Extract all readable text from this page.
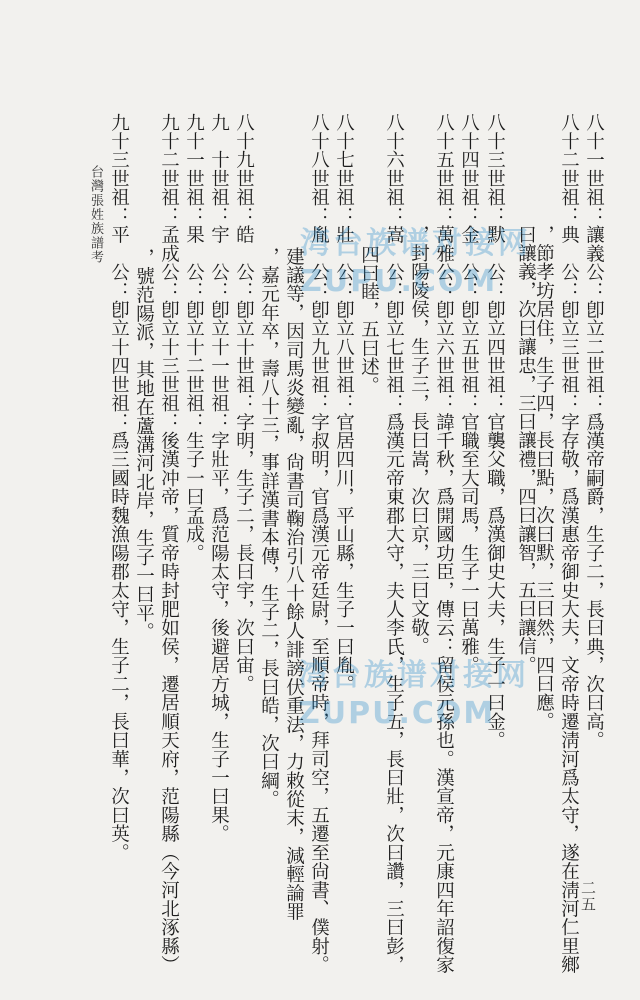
八十一世祖：讓義公：卽立二世祖：爲漢帝嗣爵，生子二，長曰典，次曰高。
八十二世祖：典　公：卽立三世祖：字存敬，爲漢惠帝御史大夫，文帝時遷淸河爲太守，遂在淸河仁里鄉
曰讓義，次曰讓忠，三曰讓禮，四曰讓智，五曰讓信。
，節孝坊居住，生子四，長曰點，次曰默，三曰然，四曰應。
八十三世祖：默　公：卽立四世祖：官襲父職，爲漢御史大夫，生子一曰金。
八十四世祖：金　公：卽立五世祖：官職至大司馬，生子一曰萬雅。
八十五世祖：萬雅公：卽立六世祖：諱千秋，爲開國功臣，傳云：留侯元孫也。漢宣帝，元康四年詔復家
，封陽陵侯，生子三，長曰嵩，次曰京，三曰文敬。
八十六世祖：嵩　公：卽立七世祖：爲漢元帝東郡大守，夫人李氏，生子五，長曰壯，次曰讚，三曰彭，
四曰睦，五曰述。
八十七世祖：壯　公：卽立八世祖：官居四川，平山縣，生子一曰胤。
八十八世祖：胤　公：卽立九世祖：字叔明，官爲漢元帝廷尉，至順帝時，拜司空，五遷至尙書、僕射。
建議等，因司馬炎變亂，尙書司鞠治引八十餘人誹謗伏重法，力敕從末，減輕論罪
，嘉元年卒，壽八十三，事詳漢書本傳，生子二，長曰皓，次曰綱。
八十九世祖：皓　公：卽立十世祖：字明，生子二，長曰宇，次曰宙。
九　十世祖：宇　公：卽立十一世祖：字壯平，爲范陽太守，後避居方城，生子一曰果。
九十一世祖：果　公：卽立十二世祖：生子一曰孟成。
九十二世祖：孟成公：卽立十三世祖：後漢冲帝，質帝時封肥如侯，遷居順天府，范陽縣（今河北涿縣）
，號范陽派，其地在蘆溝河北岸，生子一曰平。
九十三世祖：平　公：卽立十四世祖：爲三國時魏漁陽郡太守，生子二，長曰華，次曰英。
台灣張姓族譜考
二五
湾台族谱对接网
ZUPU.COM
湾台族谱对接网
ZUPU.COM
